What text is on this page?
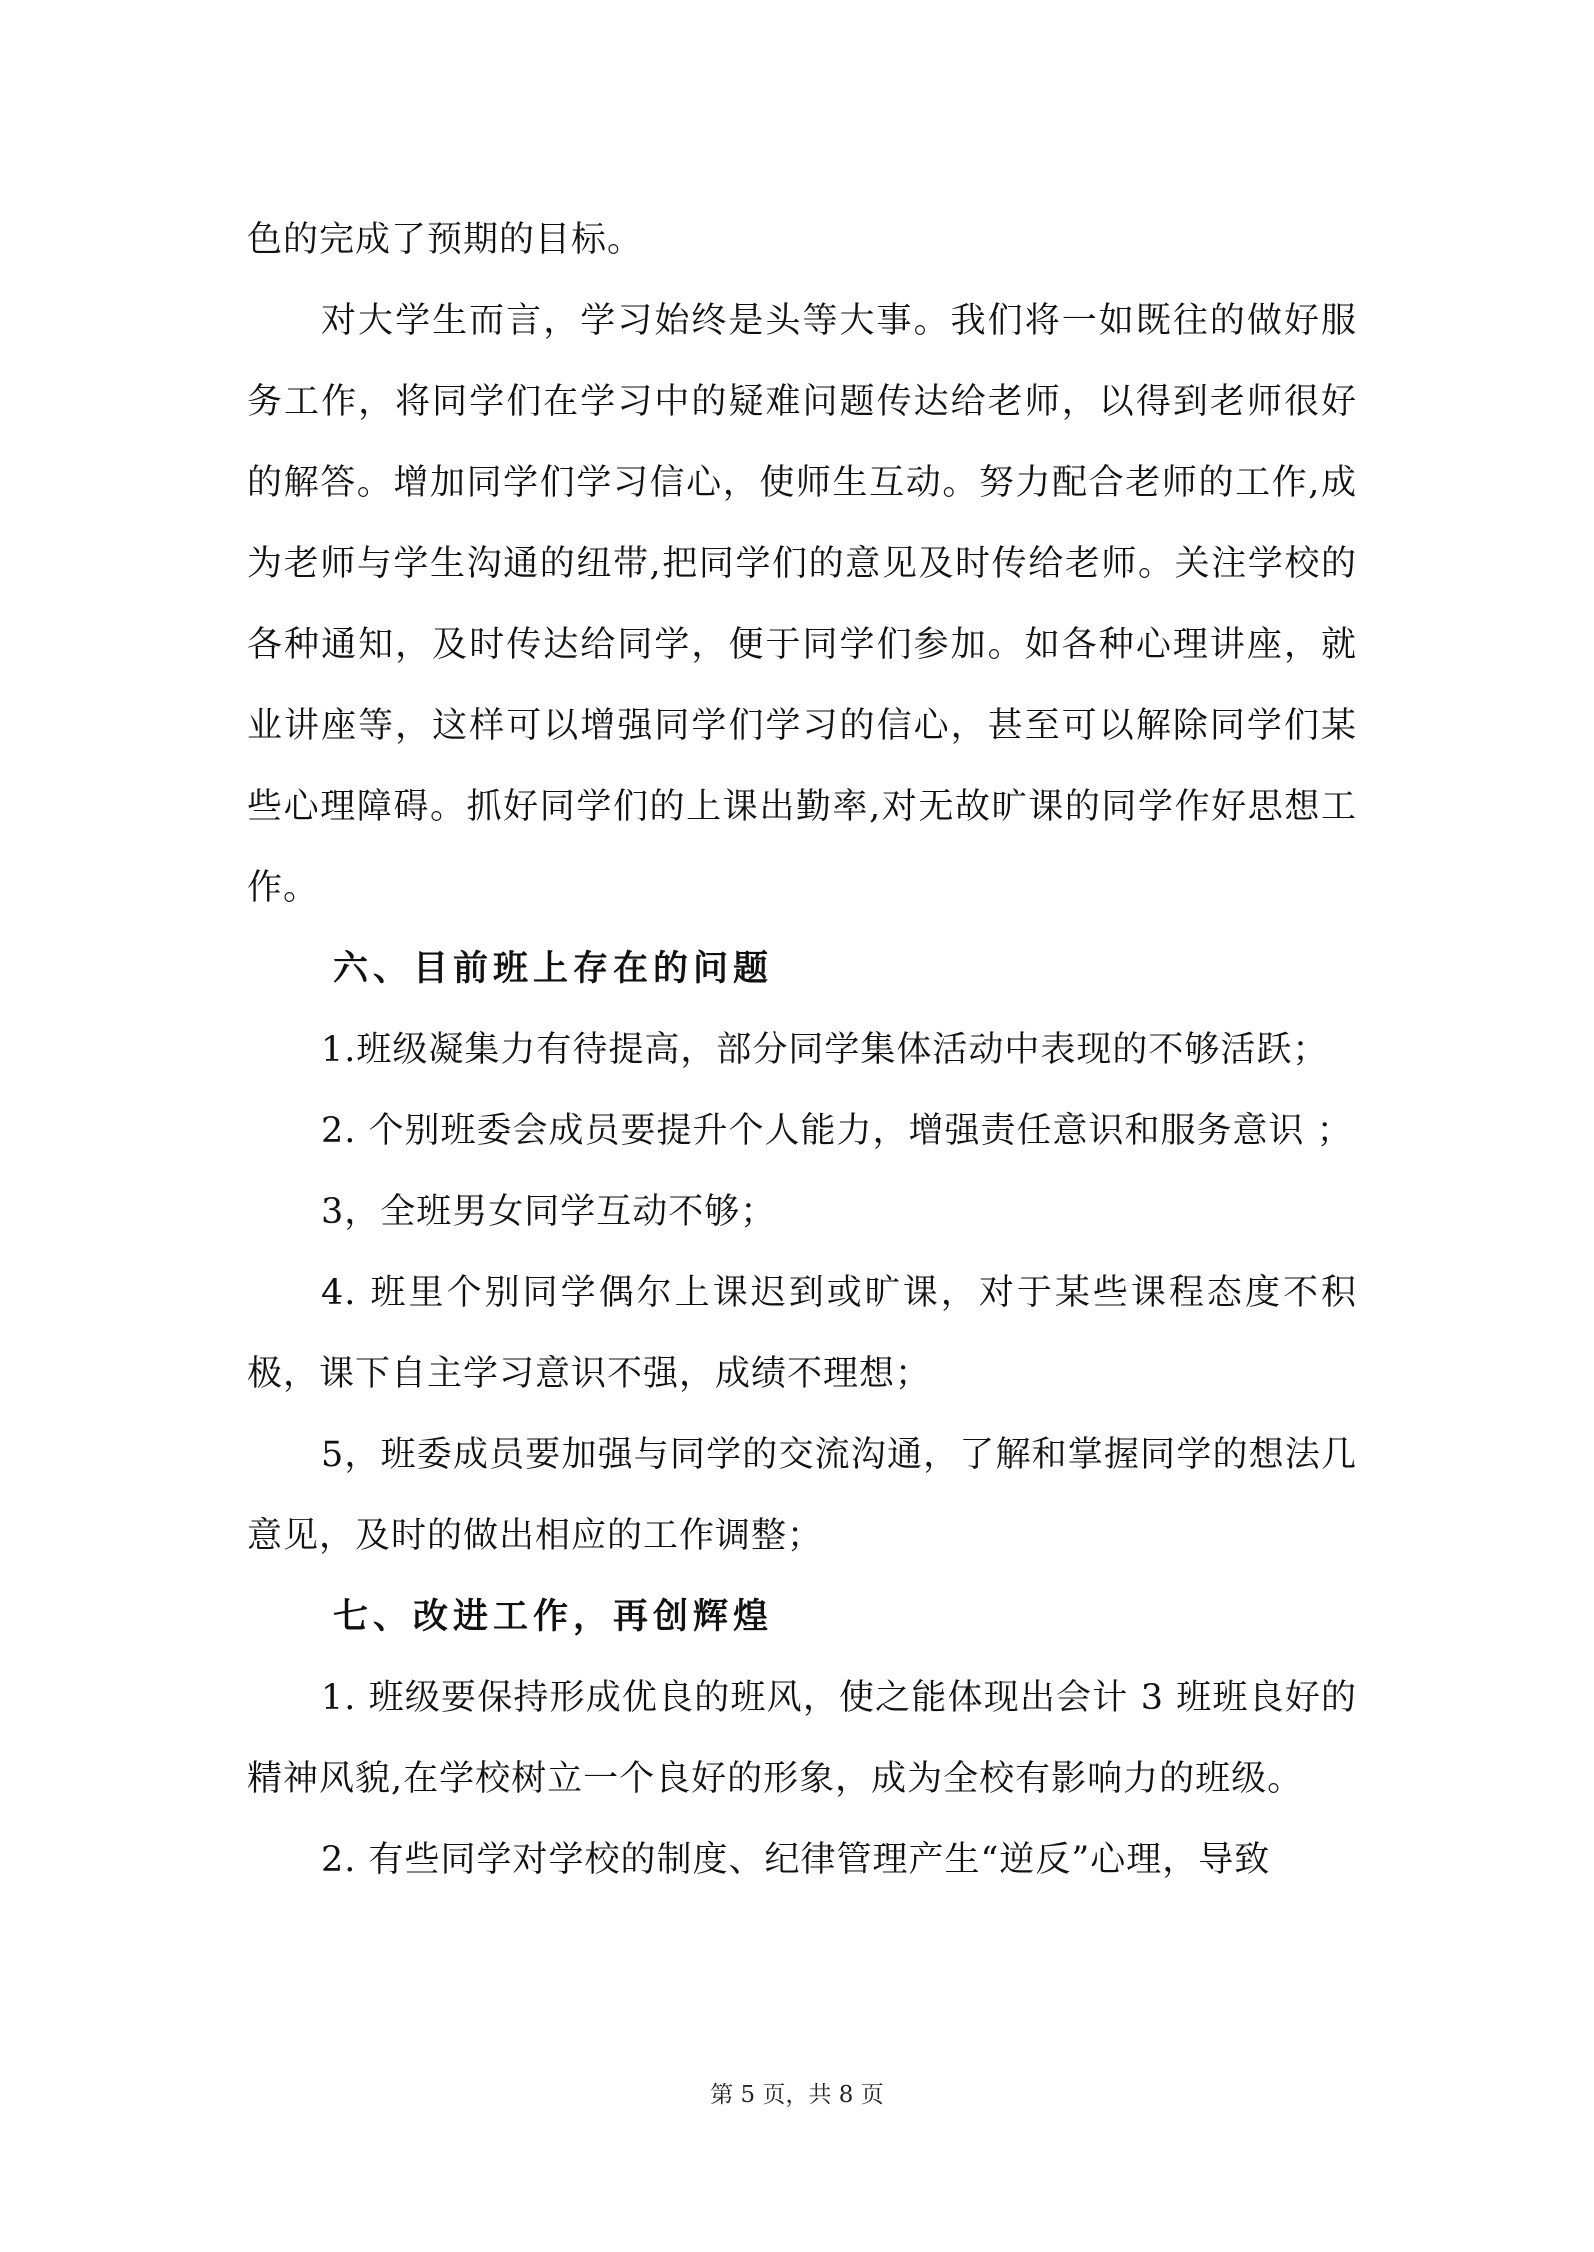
色的完成了预期的目标。

对大学生而言，学习始终是头等大事。我们将一如既往的做好服务工作，将同学们在学习中的疑难问题传达给老师，以得到老师很好的解答。增加同学们学习信心，使师生互动。努力配合老师的工作,成为老师与学生沟通的纽带,把同学们的意见及时传给老师。关注学校的各种通知，及时传达给同学，便于同学们参加。如各种心理讲座，就业讲座等，这样可以增强同学们学习的信心，甚至可以解除同学们某些心理障碍。抓好同学们的上课出勤率,对无故旷课的同学作好思想工作。

六、目前班上存在的问题

1.班级凝集力有待提高，部分同学集体活动中表现的不够活跃；

2. 个别班委会成员要提升个人能力，增强责任意识和服务意识 ；

3，全班男女同学互动不够；

4. 班里个别同学偶尔上课迟到或旷课，对于某些课程态度不积极，课下自主学习意识不强，成绩不理想；

5，班委成员要加强与同学的交流沟通，了解和掌握同学的想法几意见，及时的做出相应的工作调整；

七、改进工作，再创辉煌

1. 班级要保持形成优良的班风，使之能体现出会计 3 班班良好的精神风貌,在学校树立一个良好的形象，成为全校有影响力的班级。

2. 有些同学对学校的制度、纪律管理产生“逆反”心理，导致

第 5 页，共 8 页
